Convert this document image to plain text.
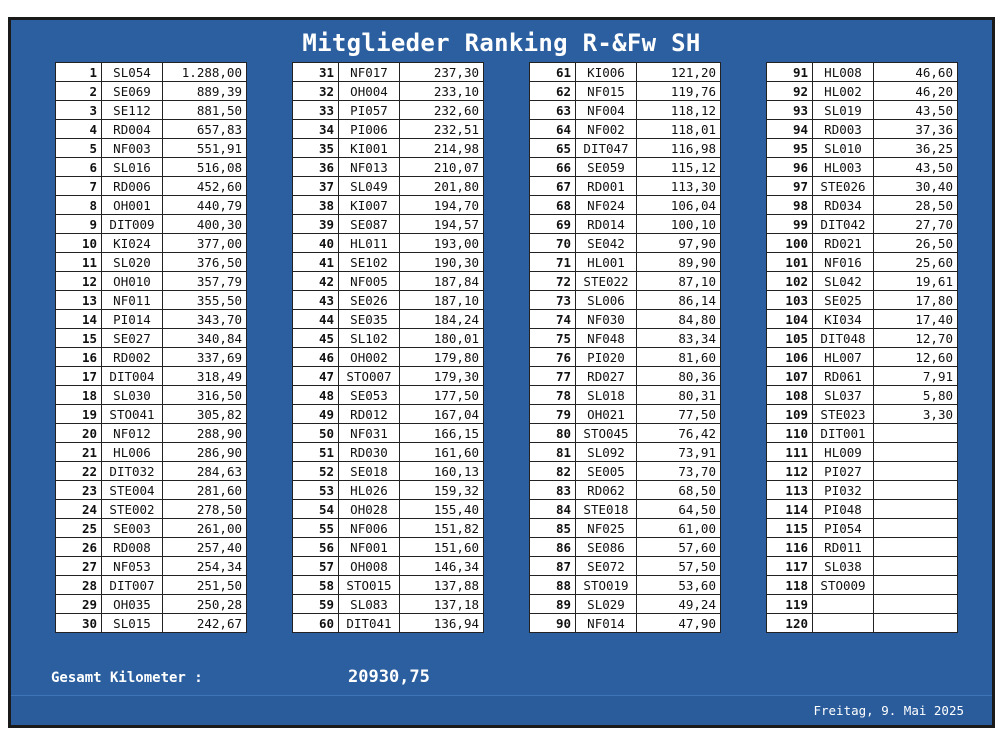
Mitglieder Ranking R-&Fw SH
1	SL054	1.288,00
2	SE069	889,39
3	SE112	881,50
4	RD004	657,83
5	NF003	551,91
6	SL016	516,08
7	RD006	452,60
8	OH001	440,79
9	DIT009	400,30
10	KI024	377,00
11	SL020	376,50
12	OH010	357,79
13	NF011	355,50
14	PI014	343,70
15	SE027	340,84
16	RD002	337,69
17	DIT004	318,49
18	SL030	316,50
19	STO041	305,82
20	NF012	288,90
21	HL006	286,90
22	DIT032	284,63
23	STE004	281,60
24	STE002	278,50
25	SE003	261,00
26	RD008	257,40
27	NF053	254,34
28	DIT007	251,50
29	OH035	250,28
30	SL015	242,67
31	NF017	237,30
32	OH004	233,10
33	PI057	232,60
34	PI006	232,51
35	KI001	214,98
36	NF013	210,07
37	SL049	201,80
38	KI007	194,70
39	SE087	194,57
40	HL011	193,00
41	SE102	190,30
42	NF005	187,84
43	SE026	187,10
44	SE035	184,24
45	SL102	180,01
46	OH002	179,80
47	STO007	179,30
48	SE053	177,50
49	RD012	167,04
50	NF031	166,15
51	RD030	161,60
52	SE018	160,13
53	HL026	159,32
54	OH028	155,40
55	NF006	151,82
56	NF001	151,60
57	OH008	146,34
58	STO015	137,88
59	SL083	137,18
60	DIT041	136,94
61	KI006	121,20
62	NF015	119,76
63	NF004	118,12
64	NF002	118,01
65	DIT047	116,98
66	SE059	115,12
67	RD001	113,30
68	NF024	106,04
69	RD014	100,10
70	SE042	97,90
71	HL001	89,90
72	STE022	87,10
73	SL006	86,14
74	NF030	84,80
75	NF048	83,34
76	PI020	81,60
77	RD027	80,36
78	SL018	80,31
79	OH021	77,50
80	STO045	76,42
81	SL092	73,91
82	SE005	73,70
83	RD062	68,50
84	STE018	64,50
85	NF025	61,00
86	SE086	57,60
87	SE072	57,50
88	STO019	53,60
89	SL029	49,24
90	NF014	47,90
91	HL008	46,60
92	HL002	46,20
93	SL019	43,50
94	RD003	37,36
95	SL010	36,25
96	HL003	43,50
97	STE026	30,40
98	RD034	28,50
99	DIT042	27,70
100	RD021	26,50
101	NF016	25,60
102	SL042	19,61
103	SE025	17,80
104	KI034	17,40
105	DIT048	12,70
106	HL007	12,60
107	RD061	7,91
108	SL037	5,80
109	STE023	3,30
110	DIT001	
111	HL009	
112	PI027	
113	PI032	
114	PI048	
115	PI054	
116	RD011	
117	SL038	
118	STO009	
119		
120		
Gesamt Kilometer :	20930,75
Freitag, 9. Mai 2025
